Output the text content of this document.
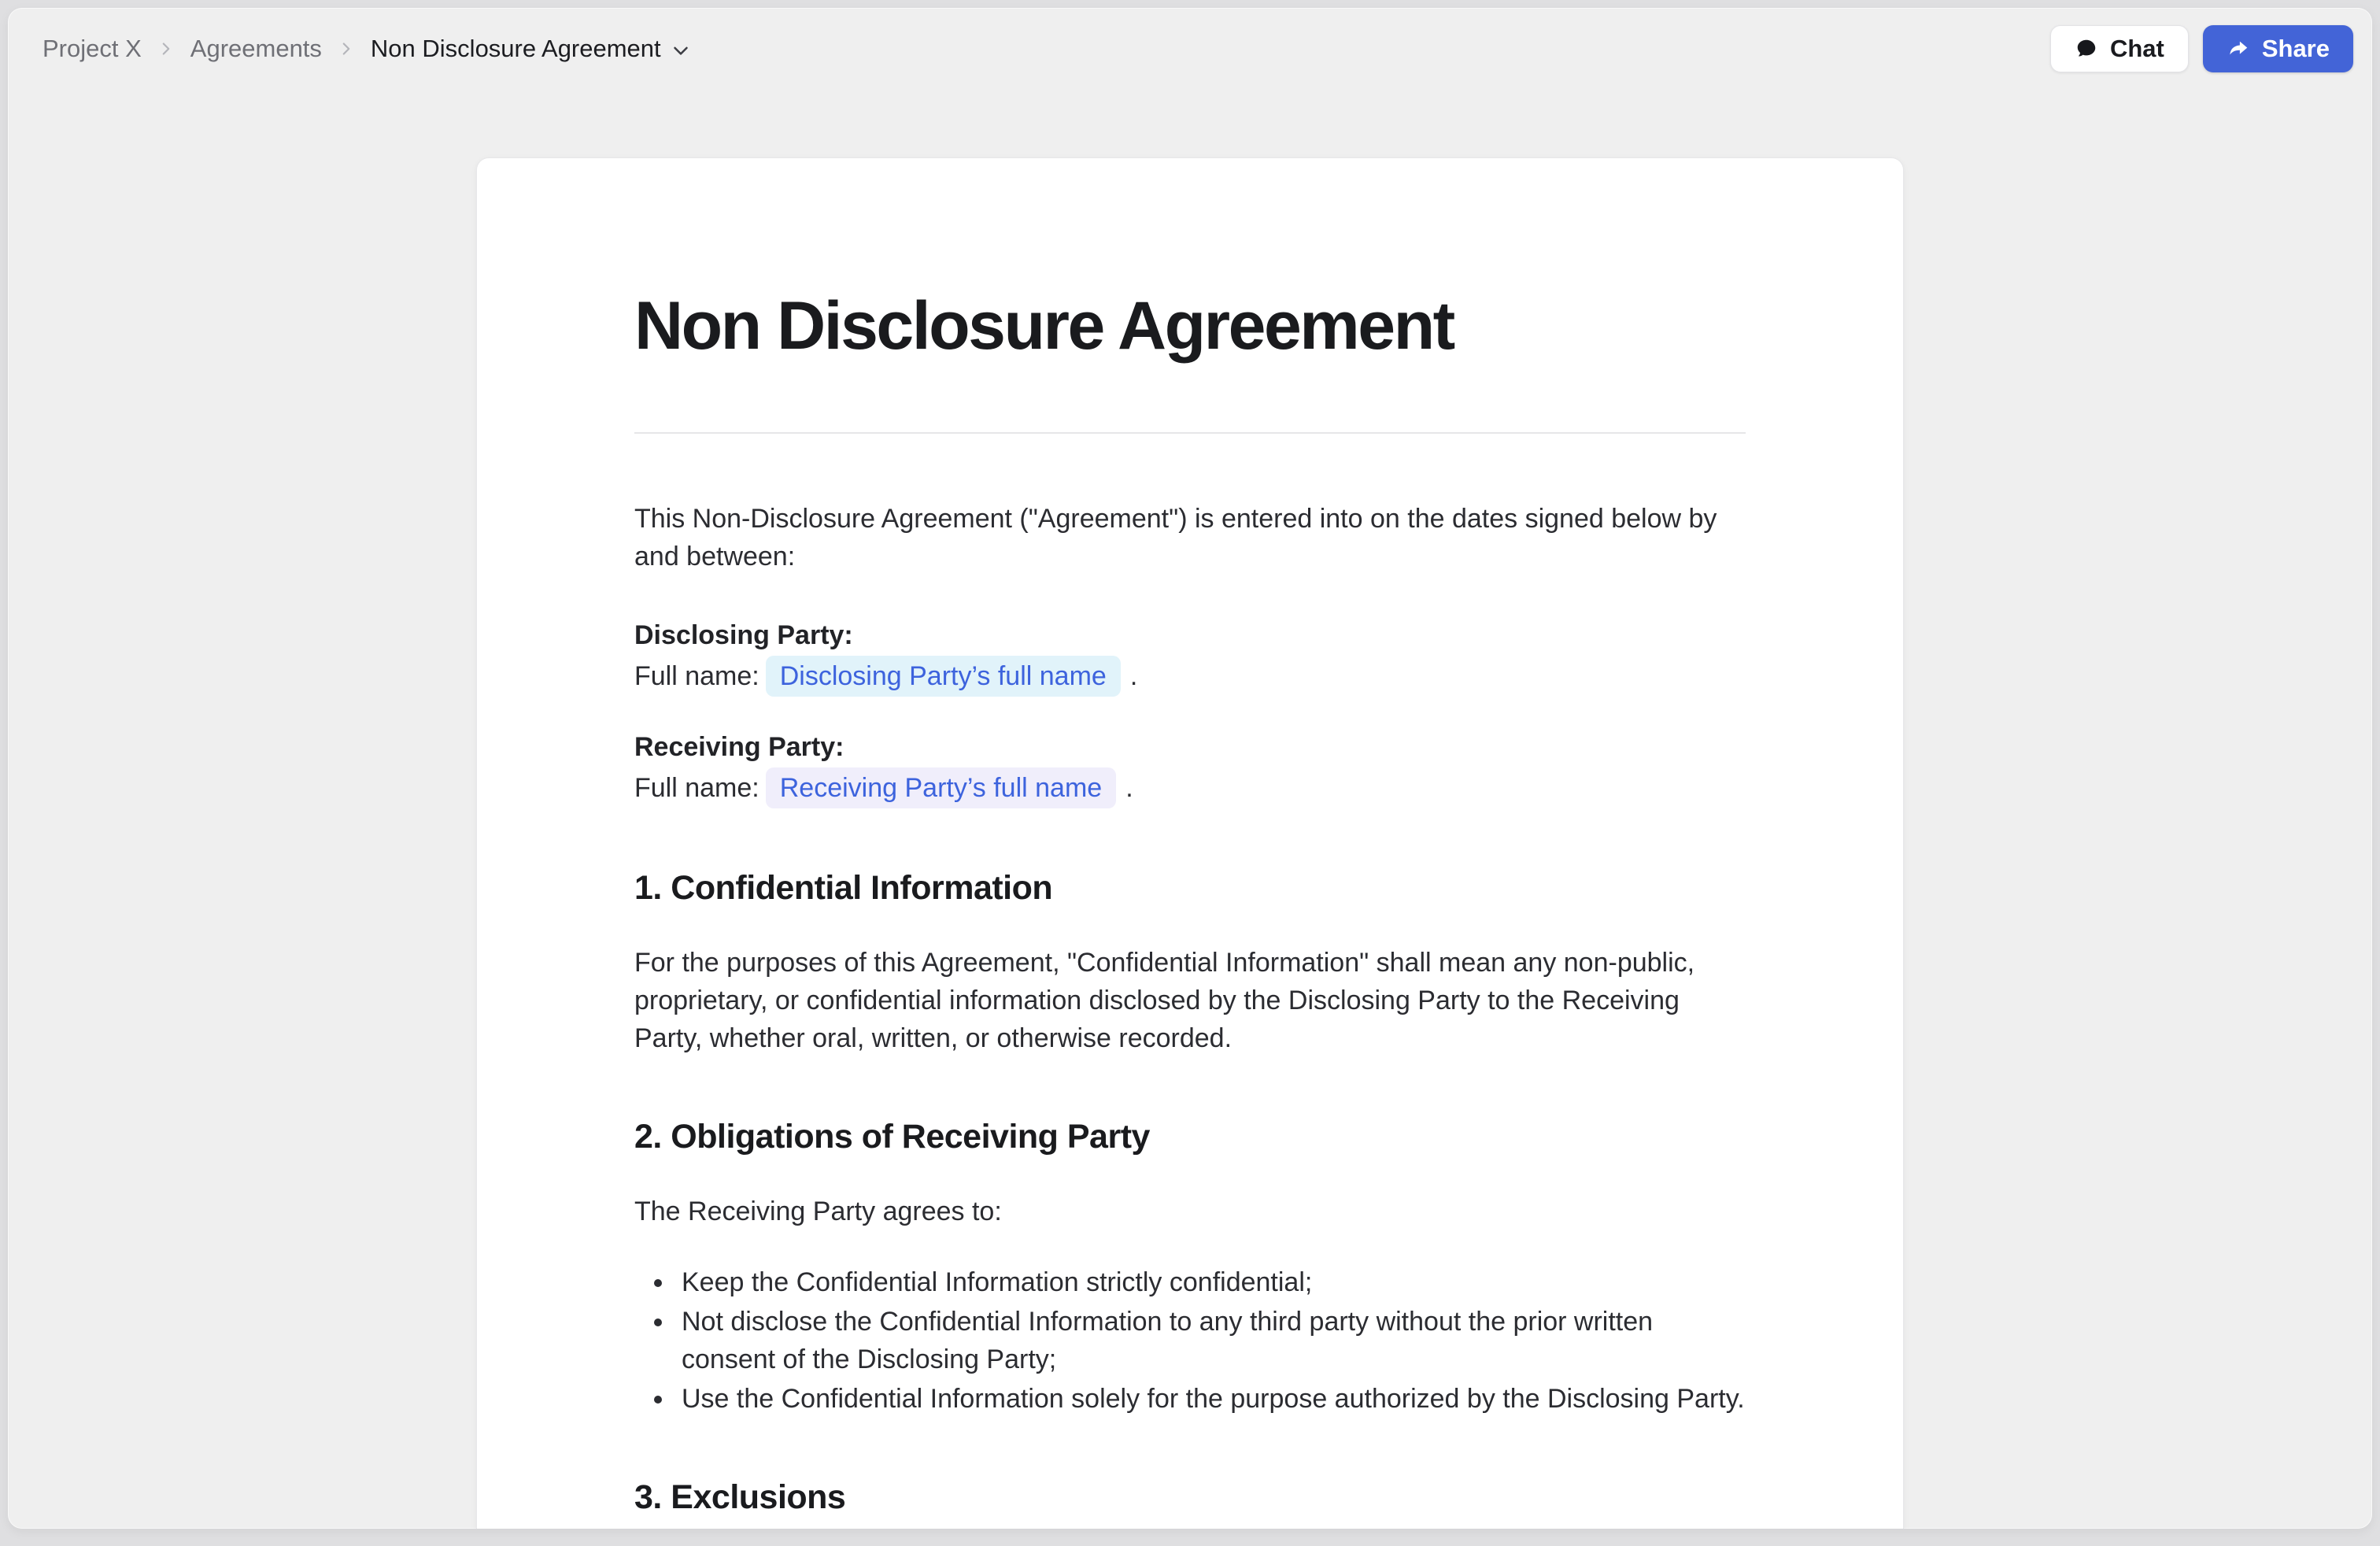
Project X Agreements Non Disclosure Agreement	Chat	Share
Non Disclosure Agreement

This Non-Disclosure Agreement ("Agreement") is entered into on the dates signed below by and between:

Disclosing Party:
Full name: Disclosing Party’s full name .
Receiving Party:
Full name: Receiving Party’s full name .
1. Confidential Information

For the purposes of this Agreement, "Confidential Information" shall mean any non-public, proprietary, or confidential information disclosed by the Disclosing Party to the Receiving Party, whether oral, written, or otherwise recorded.

2. Obligations of Receiving Party

The Receiving Party agrees to:

• Keep the Confidential Information strictly confidential;
• Not disclose the Confidential Information to any third party without the prior written consent of the Disclosing Party;
• Use the Confidential Information solely for the purpose authorized by the Disclosing Party.
3. Exclusions
